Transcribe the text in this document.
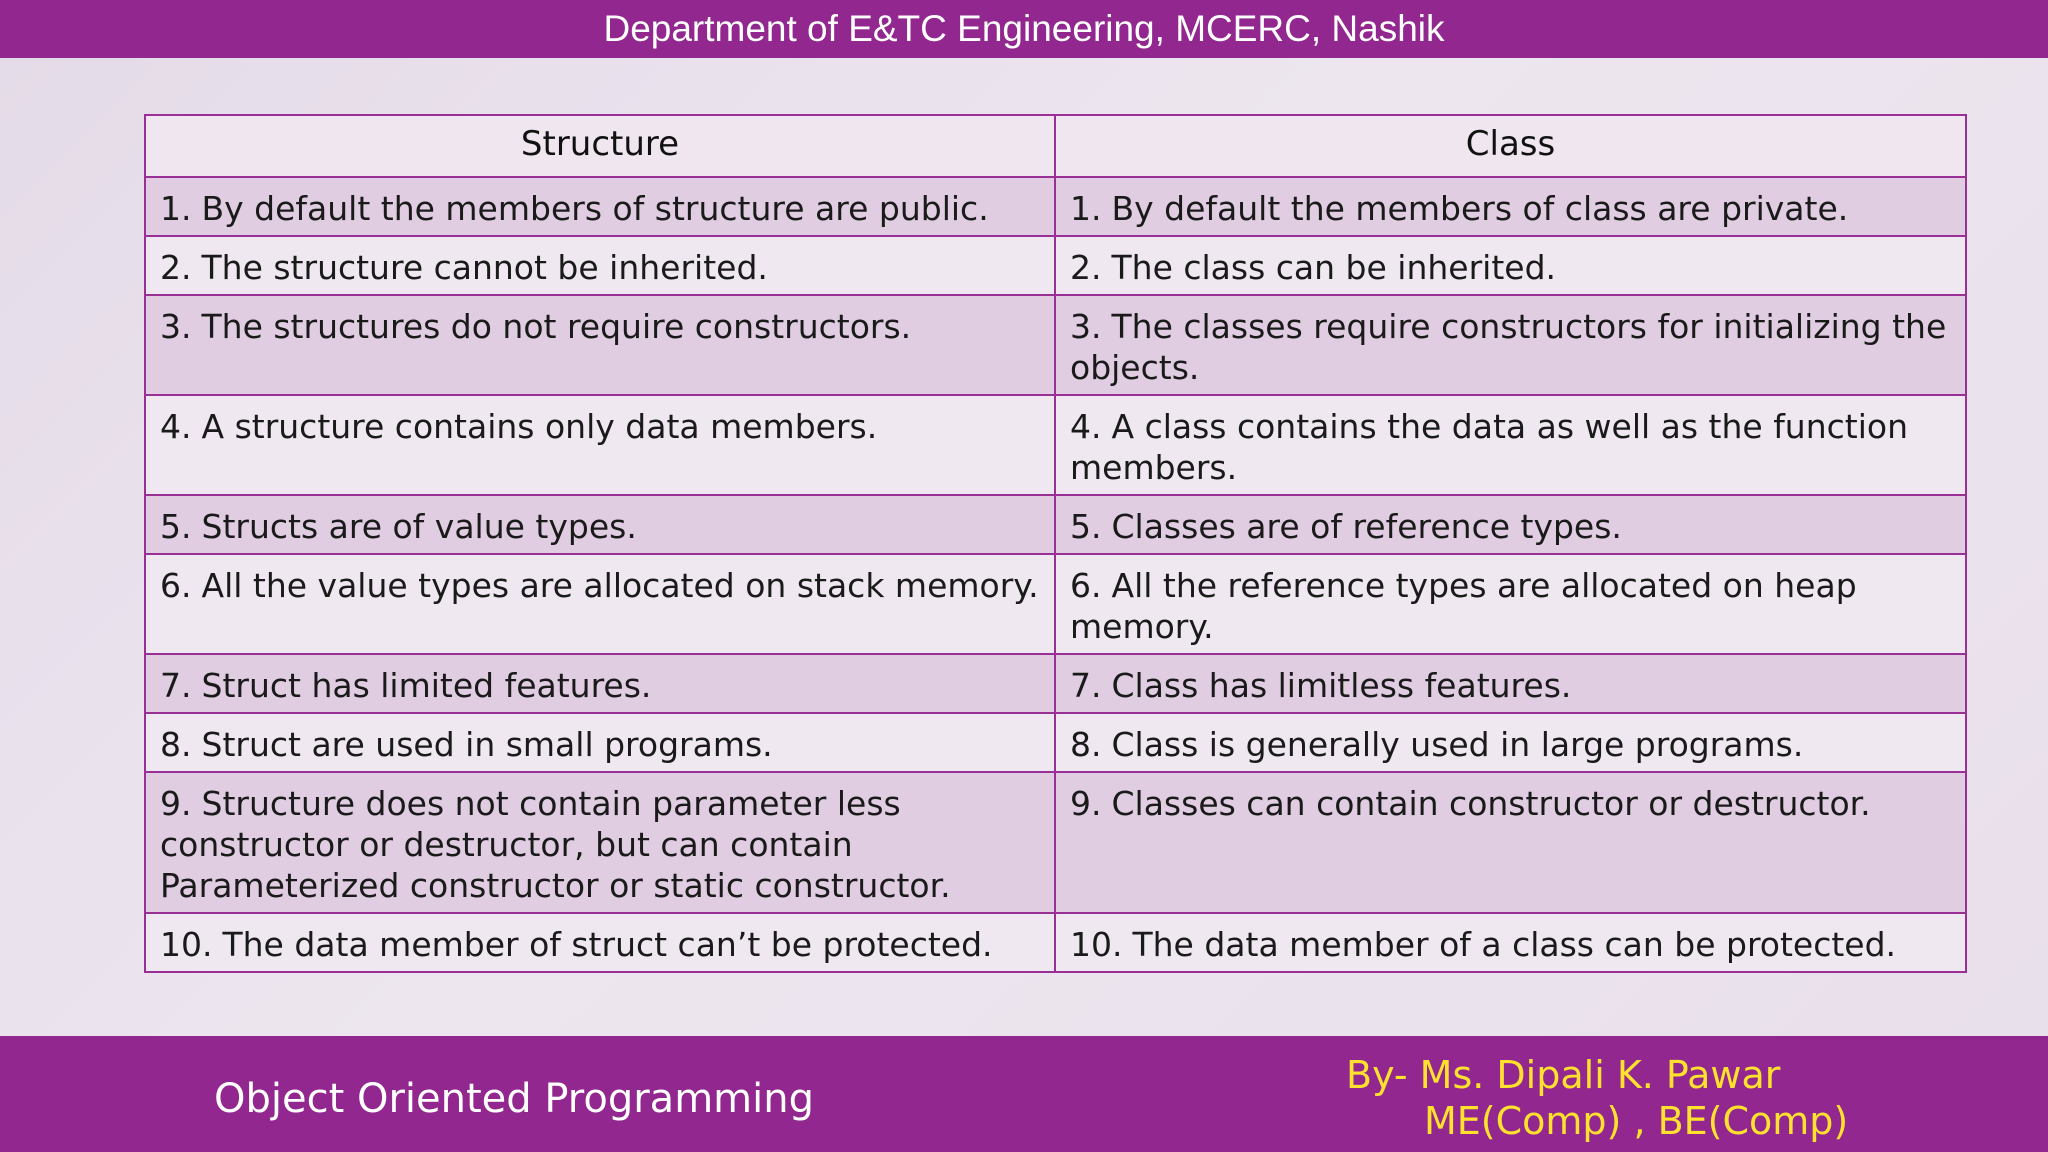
Department of E&TC Engineering, MCERC, Nashik
Structure	Class
1. By default the members of structure are public.	1. By default the members of class are private.
2. The structure cannot be inherited.	2. The class can be inherited.
3. The structures do not require constructors.	3. The classes require constructors for initializing the objects.
4. A structure contains only data members.	4. A class contains the data as well as the function members.
5. Structs are of value types.	5. Classes are of reference types.
6. All the value types are allocated on stack memory.	6. All the reference types are allocated on heap memory.
7. Struct has limited features.	7. Class has limitless features.
8. Struct are used in small programs.	8. Class is generally used in large programs.
9. Structure does not contain parameter less constructor or destructor, but can contain Parameterized constructor or static constructor.	9. Classes can contain constructor or destructor.
10. The data member of struct can’t be protected.	10. The data member of a class can be protected.
Object Oriented Programming
By- Ms. Dipali K. Pawar
ME(Comp) , BE(Comp)
